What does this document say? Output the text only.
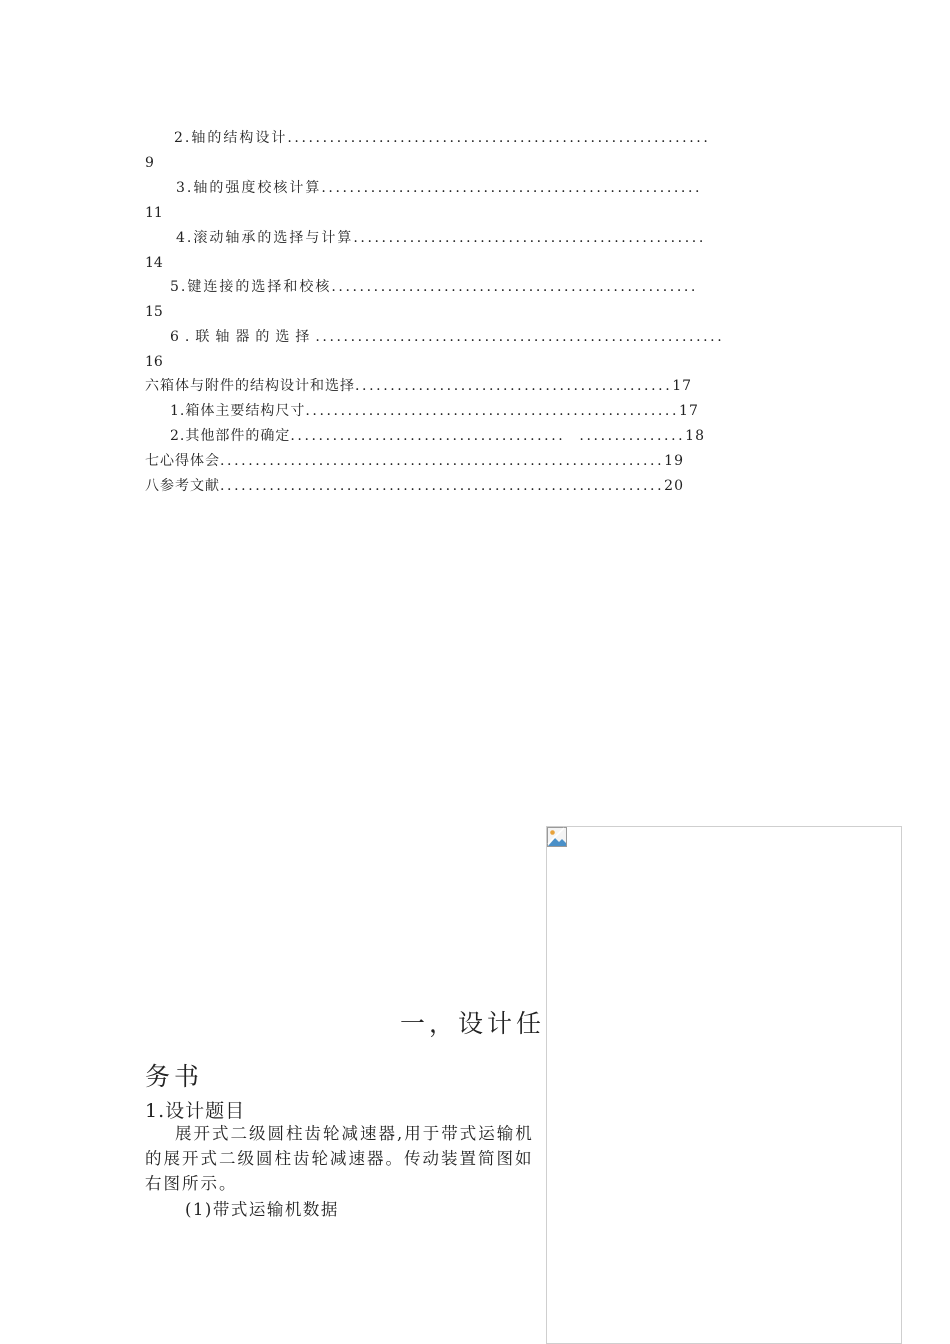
2.轴的结构设计............................................................
9
3.轴的强度校核计算......................................................
11
4.滚动轴承的选择与计算..................................................
14
5.键连接的选择和校核....................................................
15
6.联轴器的选择..........................................................
16
六箱体与附件的结构设计和选择.............................................17
1.箱体主要结构尺寸.....................................................17
2.其他部件的确定.......................................  ...............18
七心得体会...............................................................19
八参考文献...............................................................20
一，设计任
务书
1.设计题目
展开式二级圆柱齿轮减速器,用于带式运输机的展开式二级圆柱齿轮减速器。传动装置简图如右图所示。
(1)带式运输机数据
